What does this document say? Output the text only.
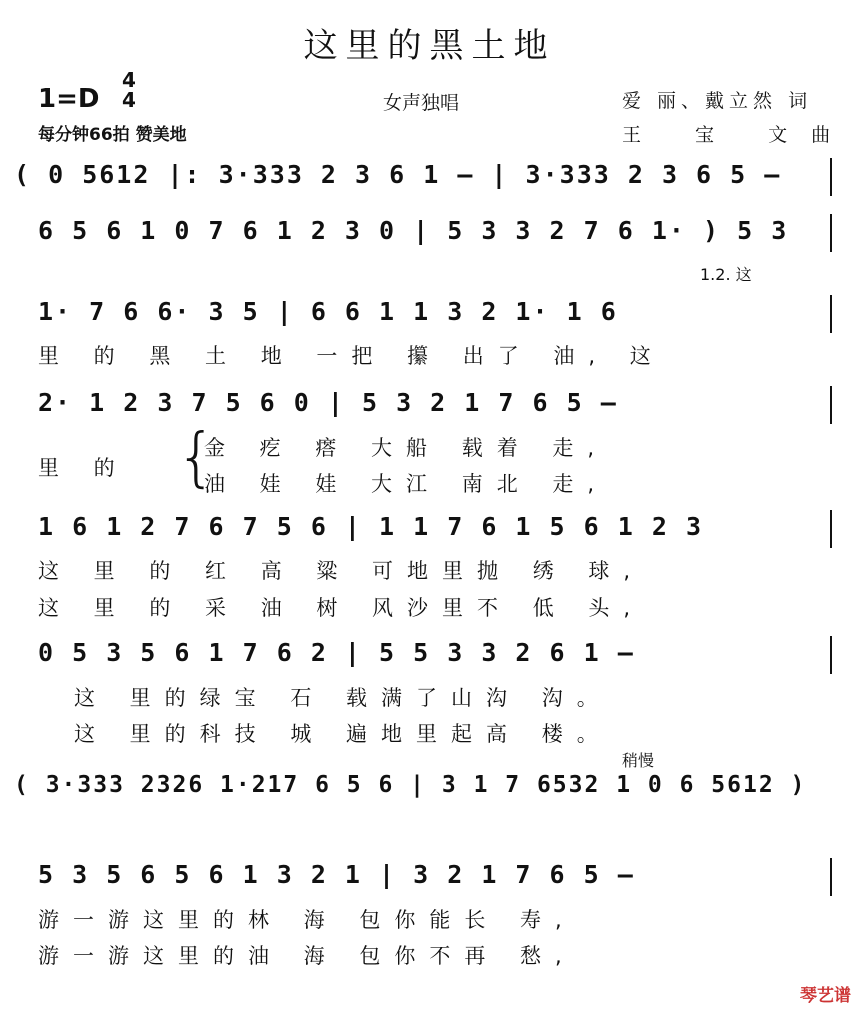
这里的黑土地
1=D
4
4	女声独唱	爱 丽、戴立然 词
每分钟66拍 赞美地	王 宝 文曲
( 0 5612 |: 3·333 2 3 6 1 – | 3·333 2 3 6 5 –
6 5 6 1 0 7 6 1 2 3 0 | 5 3 3 2 7 6 1· ) 5 3
1.2. 这
1· 7 6 6· 3 5 | 6 6 1 1 3 2 1· 1 6
里 的 黑 土 地 一把 攥 出了 油, 这
2· 1 2 3 7 5 6 0 | 5 3 2 1 7 6 5 –
里 的 {
金 疙 瘩 大船 载着 走,
油 娃 娃 大江 南北 走,
1 6 1 2 7 6 7 5 6 | 1 1 7 6 1 5 6 1 2 3
这 里 的 红 高 粱 可地里抛 绣 球,
这 里 的 采 油 树 风沙里不 低 头,
0 5 3 5 6 1 7 6 2 | 5 5 3 3 2 6 1 –
这 里的绿宝 石 载满了山沟 沟。
这 里的科技 城 遍地里起高 楼。
稍慢
( 3·333 2326 1·217 6 5 6 | 3 1 7 6532 1 0 6 5612 )
5 3 5 6 5 6 1 3 2 1 | 3 2 1 7 6 5 –
游一游这里的林 海 包你能长 寿,
游一游这里的油 海 包你不再 愁,
琴艺谱
